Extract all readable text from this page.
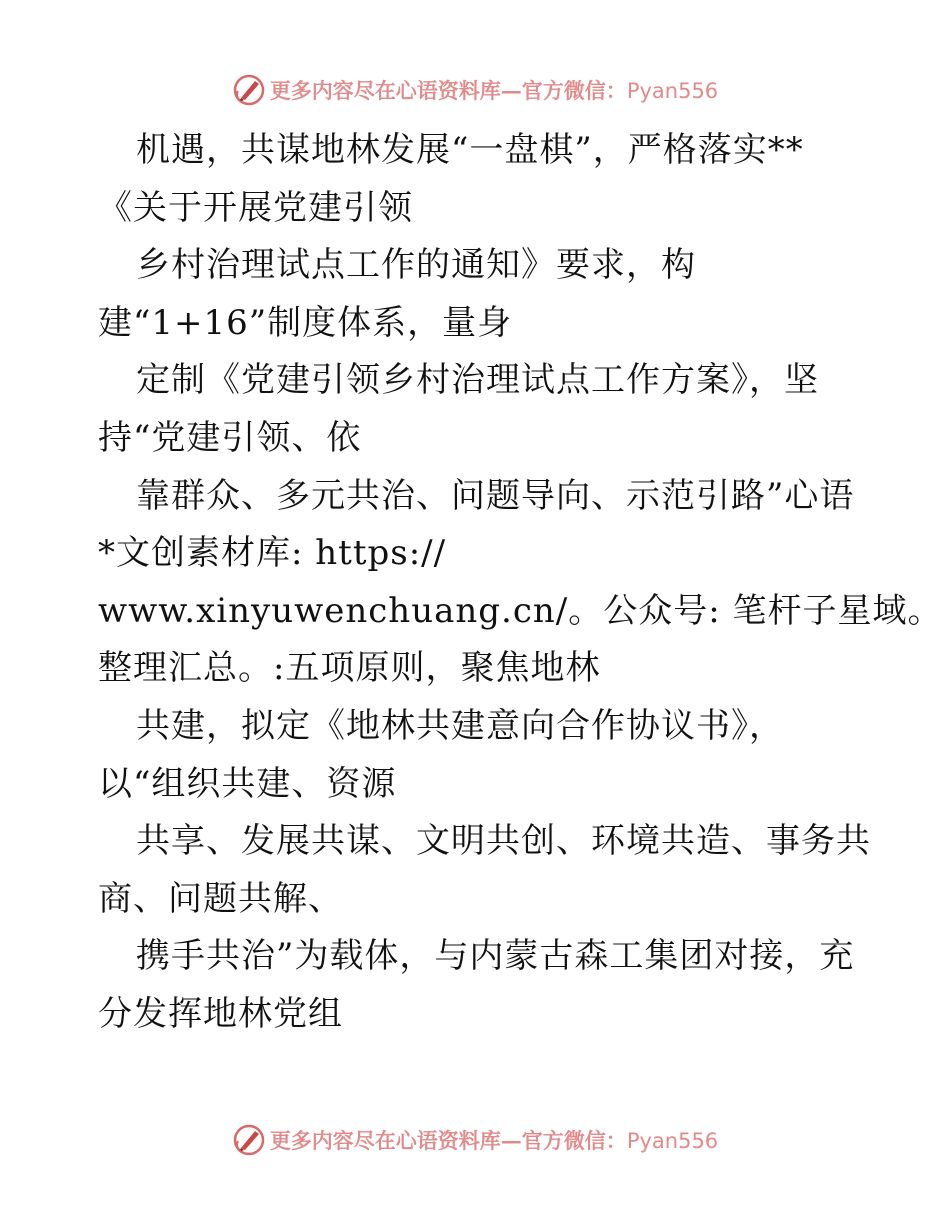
更多内容尽在心语资料库—官方微信：Pyan556
机遇，共谋地林发展“一盘棋”，严格落实**
《关于开展党建引领
乡村治理试点工作的通知》要求，构
建“1+16”制度体系，量身
定制《党建引领乡村治理试点工作方案》，坚
持“党建引领、依
靠群众、多元共治、问题导向、示范引路”心语
*文创素材库: https://
www.xinyuwenchuang.cn/。公众号: 笔杆子星域。
整理汇总。:五项原则，聚焦地林
共建，拟定《地林共建意向合作协议书》，
以“组织共建、资源
共享、发展共谋、文明共创、环境共造、事务共
商、问题共解、
携手共治”为载体，与内蒙古森工集团对接，充
分发挥地林党组
更多内容尽在心语资料库—官方微信：Pyan556
